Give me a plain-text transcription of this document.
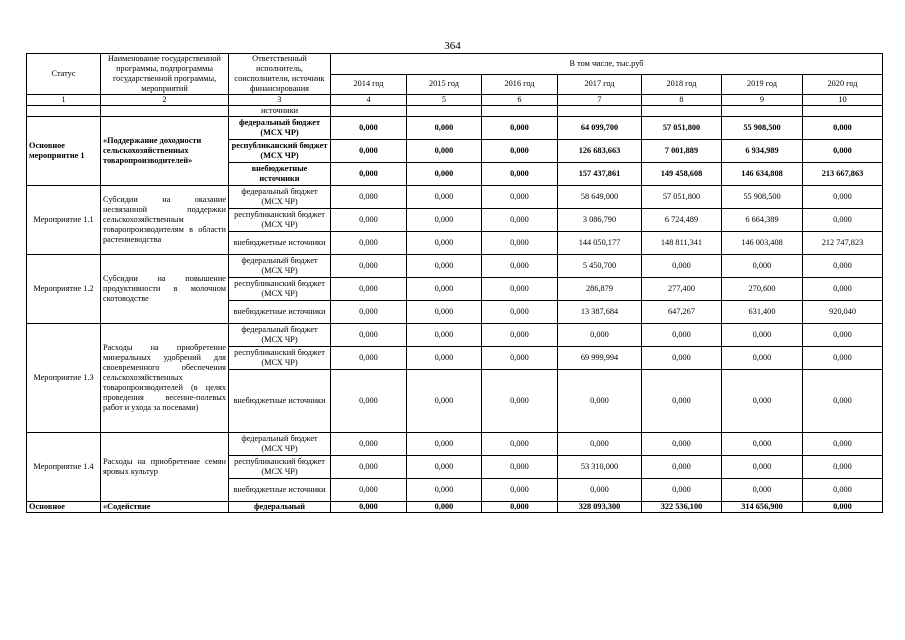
364
Статус	Наименование государственной программы, подпрограммы государственной программы, мероприятий	Ответственный исполнитель, соисполнители, источник финансирования	В том числе, тыс.руб						
			2014 год	2015 год	2016 год	2017 год	2018 год	2019 год	2020 год
1	2	3	4	5	6	7	8	9	10
		источники							
Основное мероприятие 1	«Поддержание доходности сельскохозяйственных товаропроизводителей»	федеральный бюджет (МСХ ЧР)	0,000	0,000	0,000	64 099,700	57 051,800	55 908,500	0,000
		республиканский бюджет (МСХ ЧР)	0,000	0,000	0,000	126 683,663	7 001,889	6 934,989	0,000
		внебюджетные источники	0,000	0,000	0,000	157 437,861	149 458,608	146 634,808	213 667,863
Мероприятие 1.1	Субсидии на оказание несвязанной поддержки сельскохозяйственным товаропроизводителям в области растениеводства	федеральный бюджет (МСХ ЧР)	0,000	0,000	0,000	58 649,000	57 051,800	55 908,500	0,000
		республиканский бюджет (МСХ ЧР)	0,000	0,000	0,000	3 086,790	6 724,489	6 664,389	0,000
		внебюджетные источники	0,000	0,000	0,000	144 050,177	148 811,341	146 003,408	212 747,823
Мероприятие 1.2	Субсидии на повышение продуктивности в молочном скотоводстве	федеральный бюджет (МСХ ЧР)	0,000	0,000	0,000	5 450,700	0,000	0,000	0,000
		республиканский бюджет (МСХ ЧР)	0,000	0,000	0,000	286,879	277,400	270,600	0,000
		внебюджетные источники	0,000	0,000	0,000	13 387,684	647,267	631,400	920,040
Мероприятие 1.3	Расходы на приобретение минеральных удобрений для своевременного обеспечения сельскохозяйственных товаропроизводителей (в целях проведения весенне-полевых работ и ухода за посевами)	федеральный бюджет (МСХ ЧР)	0,000	0,000	0,000	0,000	0,000	0,000	0,000
		республиканский бюджет (МСХ ЧР)	0,000	0,000	0,000	69 999,994	0,000	0,000	0,000
		внебюджетные источники	0,000	0,000	0,000	0,000	0,000	0,000	0,000
Мероприятие 1.4	Расходы на приобретение семян яровых культур	федеральный бюджет (МСХ ЧР)	0,000	0,000	0,000	0,000	0,000	0,000	0,000
		республиканский бюджет (МСХ ЧР)	0,000	0,000	0,000	53 310,000	0,000	0,000	0,000
		внебюджетные источники	0,000	0,000	0,000	0,000	0,000	0,000	0,000
Основное	«Содействие	федеральный	0,000	0,000	0,000	328 093,300	322 536,100	314 656,900	0,000
